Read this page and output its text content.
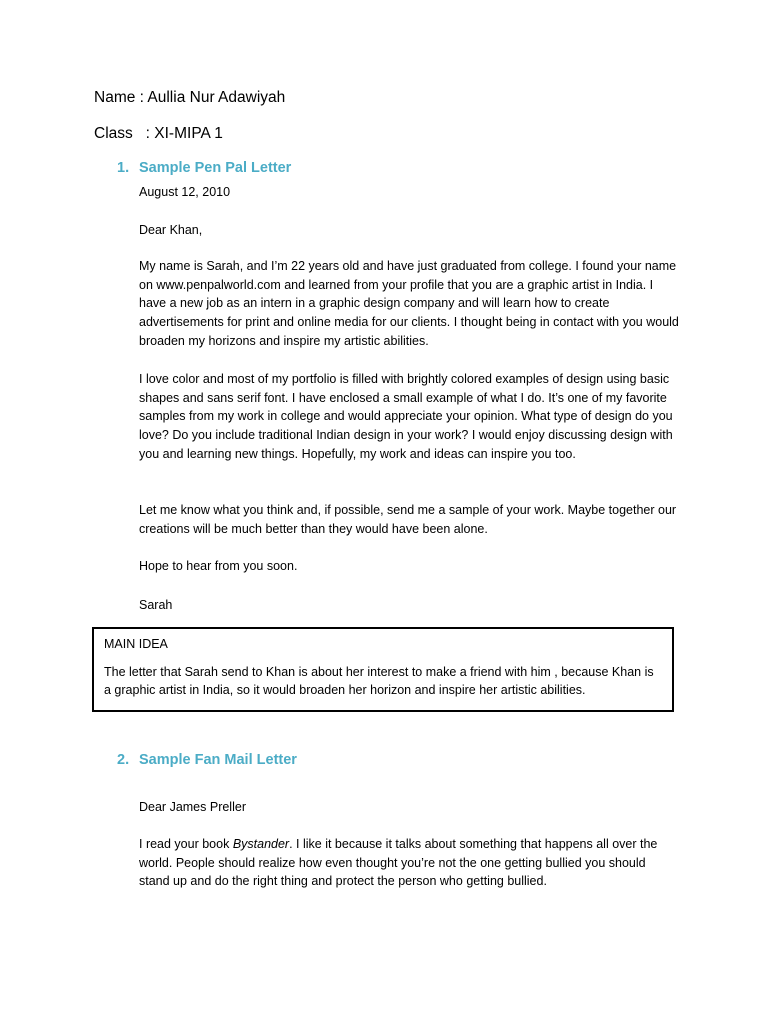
Name : Aullia Nur Adawiyah
Class   : XI-MIPA 1
1. Sample Pen Pal Letter

August 12, 2010

Dear Khan,

My name is Sarah, and I’m 22 years old and have just graduated from college. I found your name on www.penpalworld.com and learned from your profile that you are a graphic artist in India. I have a new job as an intern in a graphic design company and will learn how to create advertisements for print and online media for our clients. I thought being in contact with you would broaden my horizons and inspire my artistic abilities.

I love color and most of my portfolio is filled with brightly colored examples of design using basic shapes and sans serif font. I have enclosed a small example of what I do. It’s one of my favorite samples from my work in college and would appreciate your opinion. What type of design do you love? Do you include traditional Indian design in your work? I would enjoy discussing design with you and learning new things. Hopefully, my work and ideas can inspire you too.

Let me know what you think and, if possible, send me a sample of your work. Maybe together our creations will be much better than they would have been alone.

Hope to hear from you soon.

Sarah

MAIN IDEA

The letter that Sarah send to Khan is about her interest to make a friend with him , because Khan is a graphic artist in India, so it would broaden her horizon and inspire her artistic abilities.

2. Sample Fan Mail Letter

Dear James Preller

I read your book Bystander. I like it because it talks about something that happens all over the world. People should realize how even thought you’re not the one getting bullied you should stand up and do the right thing and protect the person who getting bullied.
